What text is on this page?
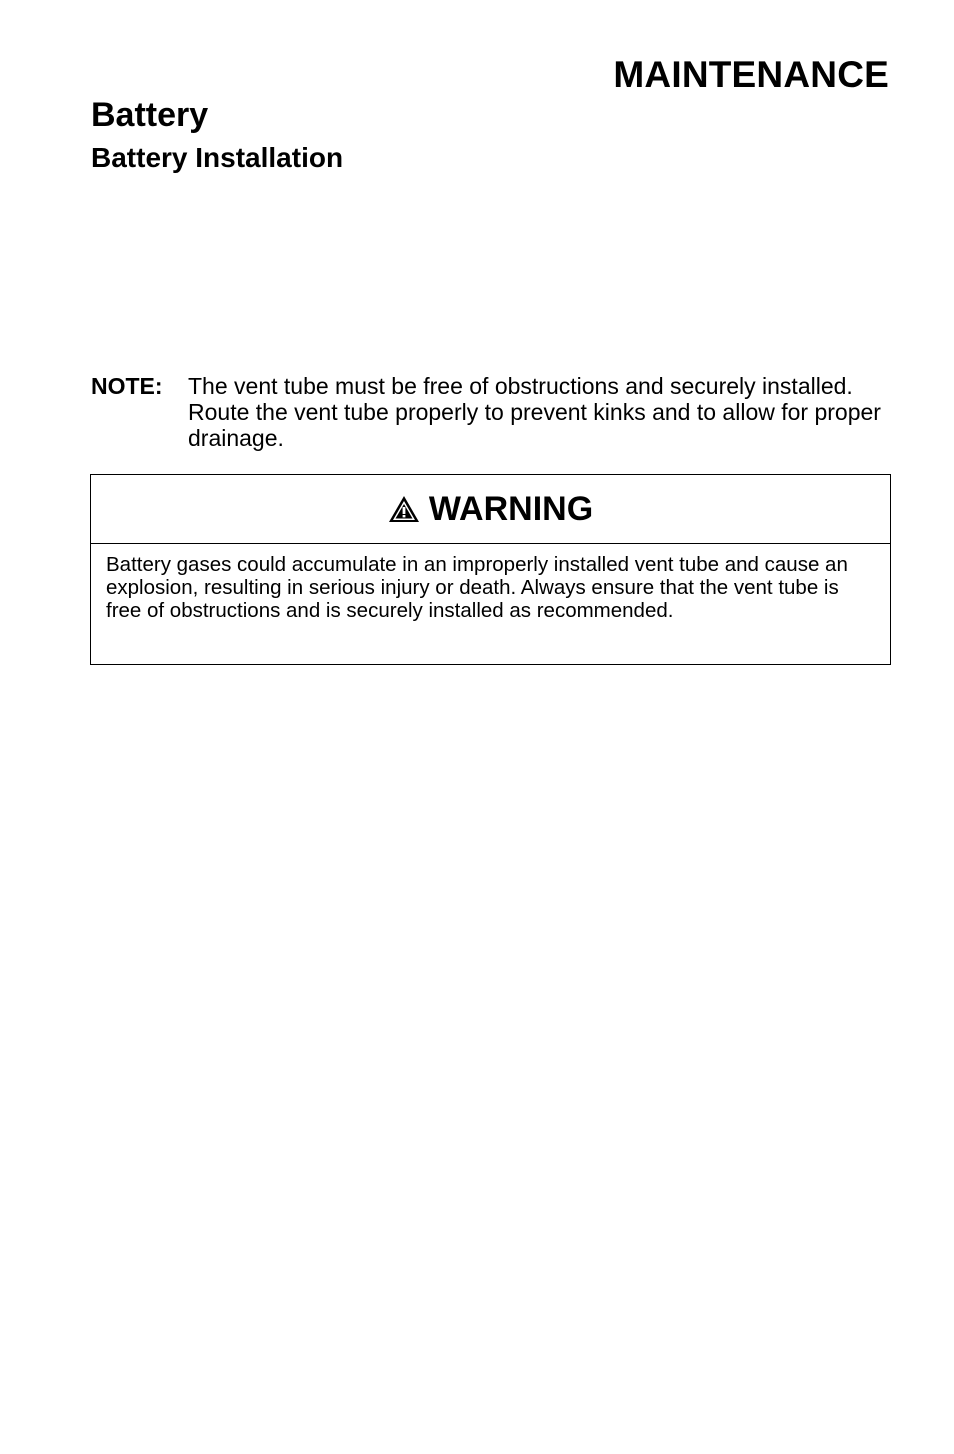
MAINTENANCE
Battery
Battery Installation
NOTE: The vent tube must be free of obstructions and securely installed. Route the vent tube properly to prevent kinks and to allow for proper drainage.
WARNING
Battery gases could accumulate in an improperly installed vent tube and cause an explosion, resulting in serious injury or death. Always ensure that the vent tube is free of obstructions and is securely installed as recommended.
